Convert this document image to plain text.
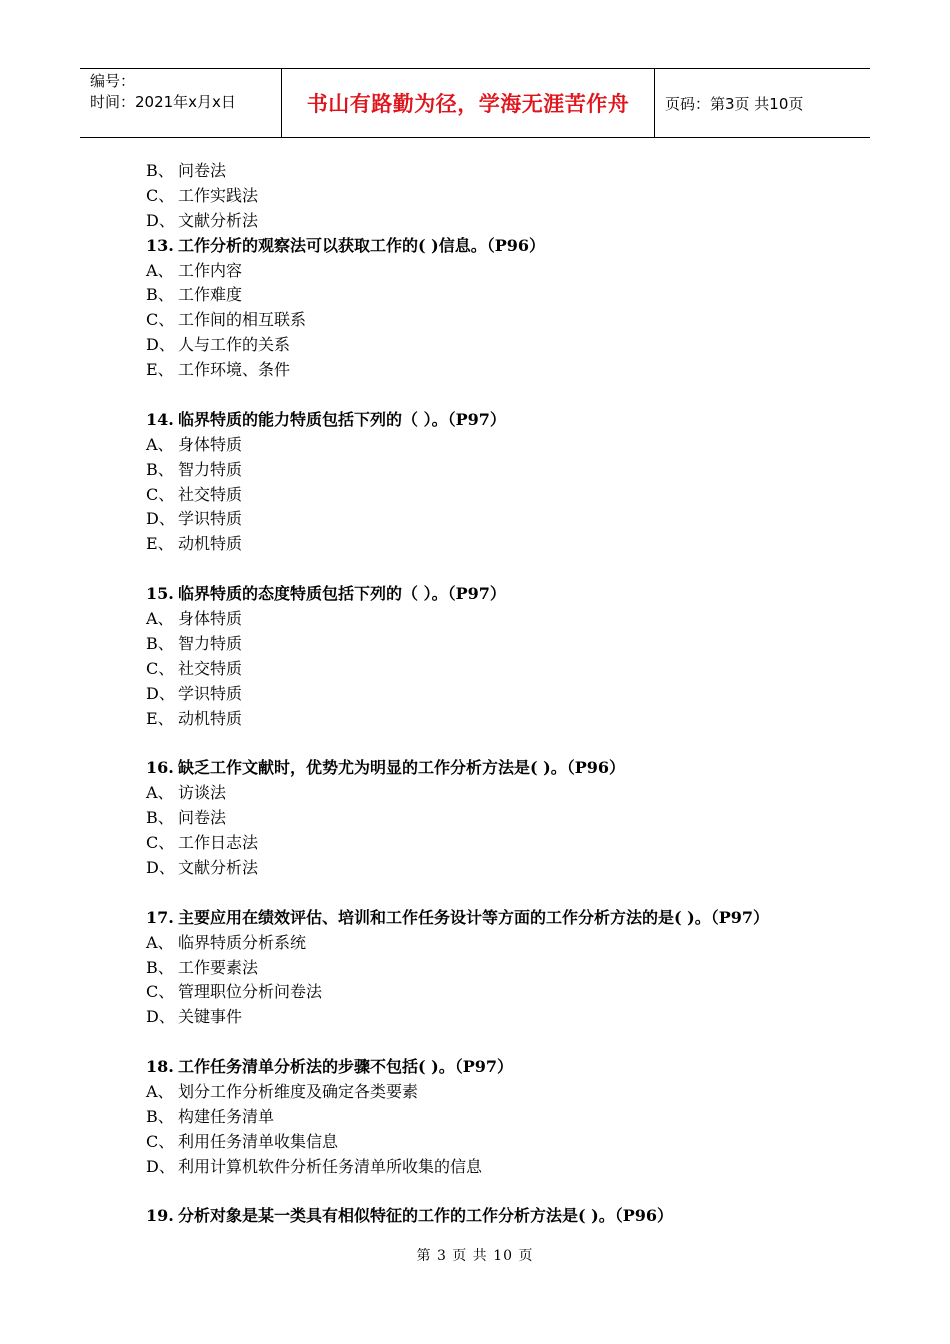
编号：
时间：2021年x月x日	书山有路勤为径，学海无涯苦作舟	页码：第3页 共10页
B、 问卷法
C、 工作实践法
D、 文献分析法
13. 工作分析的观察法可以获取工作的( )信息。（P96）
A、 工作内容
B、 工作难度
C、 工作间的相互联系
D、 人与工作的关系
E、 工作环境、条件
14. 临界特质的能力特质包括下列的（ ）。（P97）
A、 身体特质
B、 智力特质
C、 社交特质
D、 学识特质
E、 动机特质
15. 临界特质的态度特质包括下列的（ ）。（P97）
A、 身体特质
B、 智力特质
C、 社交特质
D、 学识特质
E、 动机特质
16. 缺乏工作文献时，优势尤为明显的工作分析方法是( )。（P96）
A、 访谈法
B、 问卷法
C、 工作日志法
D、 文献分析法
17. 主要应用在绩效评估、培训和工作任务设计等方面的工作分析方法的是( )。（P97）
A、 临界特质分析系统
B、 工作要素法
C、 管理职位分析问卷法
D、 关键事件
18. 工作任务清单分析法的步骤不包括( )。（P97）
A、 划分工作分析维度及确定各类要素
B、 构建任务清单
C、 利用任务清单收集信息
D、 利用计算机软件分析任务清单所收集的信息
19. 分析对象是某一类具有相似特征的工作的工作分析方法是( )。（P96）
第 3 页 共 10 页
